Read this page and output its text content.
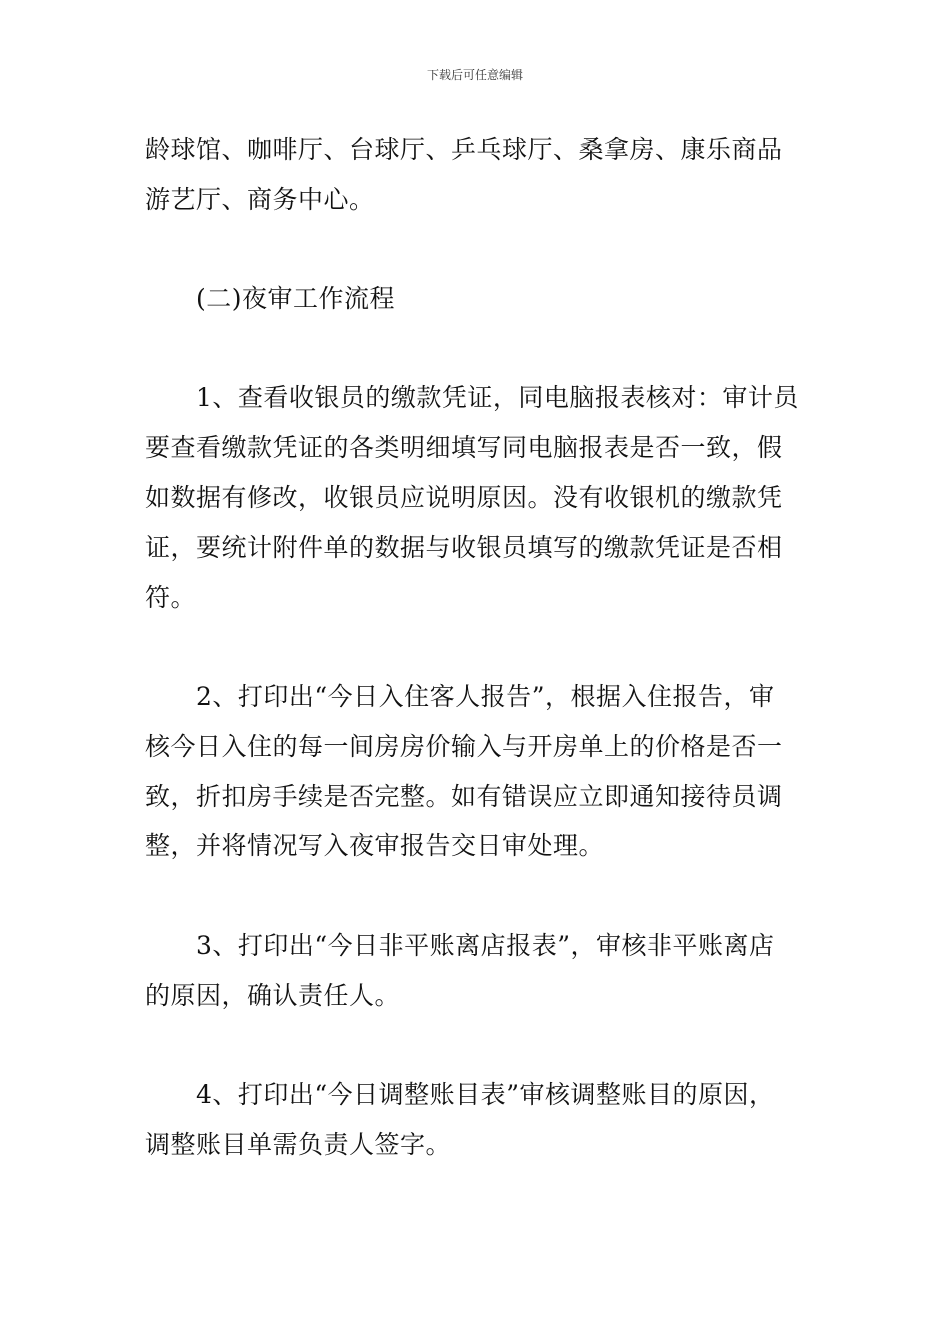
下载后可任意编辑
龄球馆、咖啡厅、台球厅、乒乓球厅、桑拿房、康乐商品
游艺厅、商务中心。
(二)夜审工作流程
1、查看收银员的缴款凭证，同电脑报表核对：审计员
要查看缴款凭证的各类明细填写同电脑报表是否一致，假
如数据有修改，收银员应说明原因。没有收银机的缴款凭
证，要统计附件单的数据与收银员填写的缴款凭证是否相
符。
2、打印出“今日入住客人报告”，根据入住报告，审
核今日入住的每一间房房价输入与开房单上的价格是否一
致，折扣房手续是否完整。如有错误应立即通知接待员调
整，并将情况写入夜审报告交日审处理。
3、打印出“今日非平账离店报表”，审核非平账离店
的原因，确认责任人。
4、打印出“今日调整账目表”审核调整账目的原因，
调整账目单需负责人签字。
